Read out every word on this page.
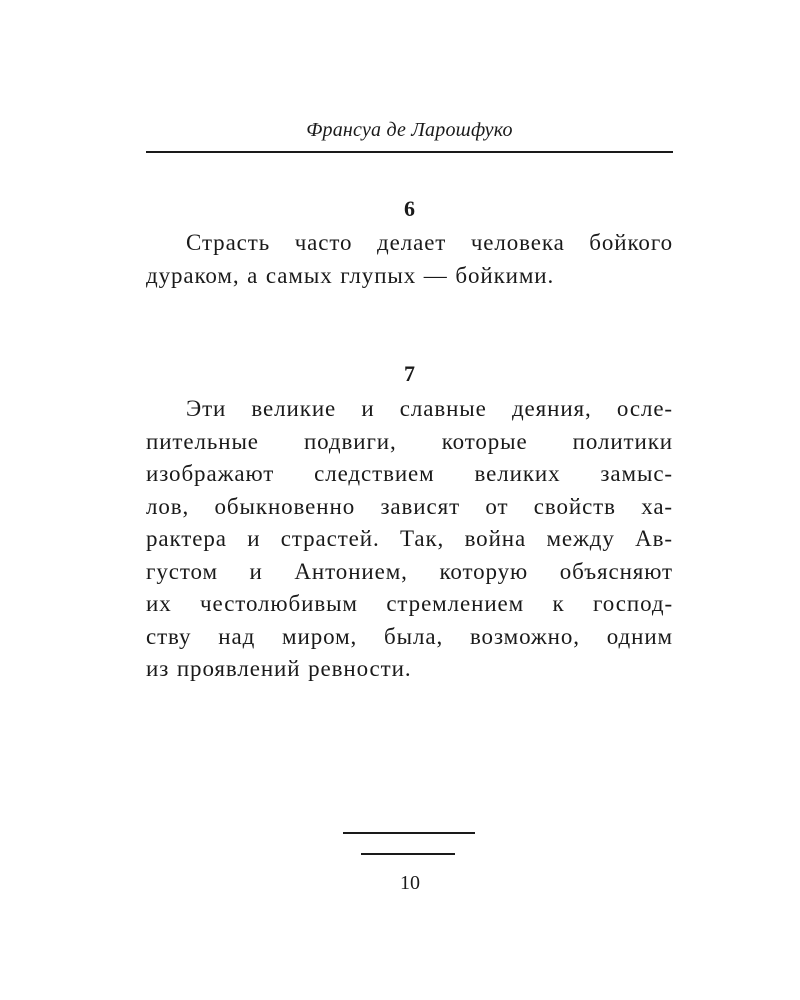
Франсуа де Ларошфуко
6
Страсть часто делает человека бойкого
дураком, а самых глупых — бойкими.
7
Эти великие и славные деяния, осле-
пительные подвиги, которые политики
изображают следствием великих замыс-
лов, обыкновенно зависят от свойств ха-
рактера и страстей. Так, война между Ав-
густом и Антонием, которую объясняют
их честолюбивым стремлением к господ-
ству над миром, была, возможно, одним
из проявлений ревности.
10
